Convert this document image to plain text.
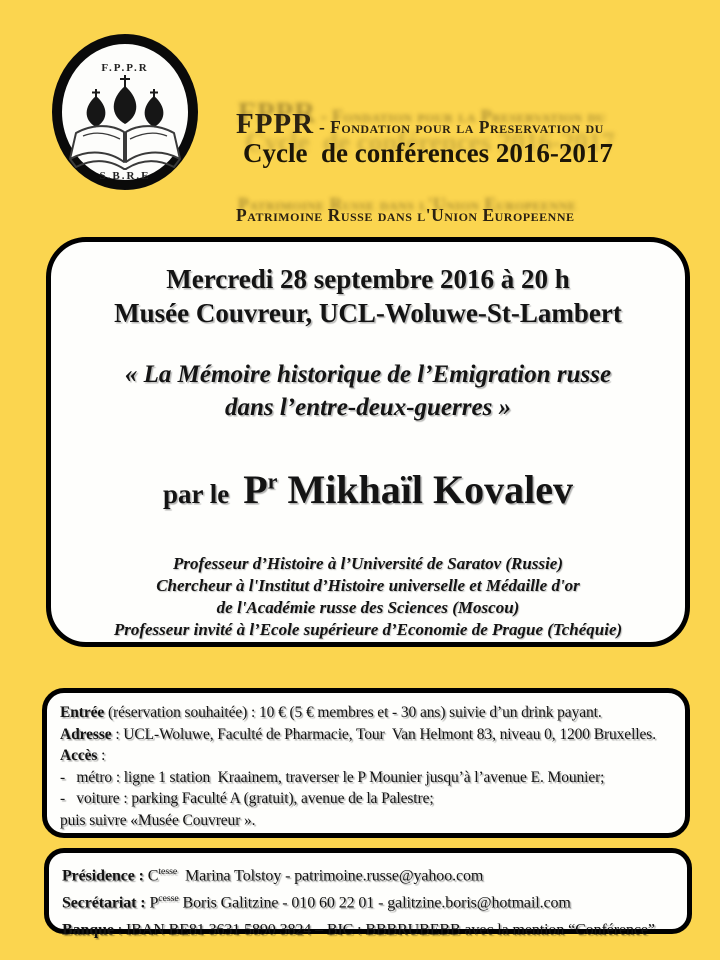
F.P.P.R
S.B.R.E

FPPR - Fondation pour la Preservation du

Patrimoine Russe dans l'Union Europeenne

Cycle  de conférences 2016-2017
Mercredi 28 septembre 2016 à 20 h
Musée Couvreur, UCL-Woluwe-St-Lambert
« La Mémoire historique de l’Emigration russe
dans l’entre-deux-guerres »
par le $P^r$ Mikhaïl Kovalev
Professeur d’Histoire à l’Université de Saratov (Russie)
Chercheur à l'Institut d’Histoire universelle et Médaille d'or
de l'Académie russe des Sciences (Moscou)
Professeur invité à l’Ecole supérieure d’Economie de Prague (Tchéquie)
Entrée (réservation souhaitée) : 10 € (5 € membres et - 30 ans) suivie d’un drink payant.
Adresse : UCL-Woluwe, Faculté de Pharmacie, Tour  Van Helmont 83, niveau 0, 1200 Bruxelles.
Accès :
-   métro : ligne 1 station  Kraainem, traverser le P Mounier jusqu’à l’avenue E. Mounier;
-   voiture : parking Faculté A (gratuit), avenue de la Palestre;
puis suivre «Musée Couvreur ».
Présidence : $C^{tesse}$  Marina Tolstoy - patrimoine.russe@yahoo.com
Secrétariat : $P^{cesse}$ Boris Galitzine - 010 60 22 01 - galitzine.boris@hotmail.com
Banque : IBAN BE81 3631 5890 3824 – BIC : BBBRUBEBB avec la mention “Conférence”
